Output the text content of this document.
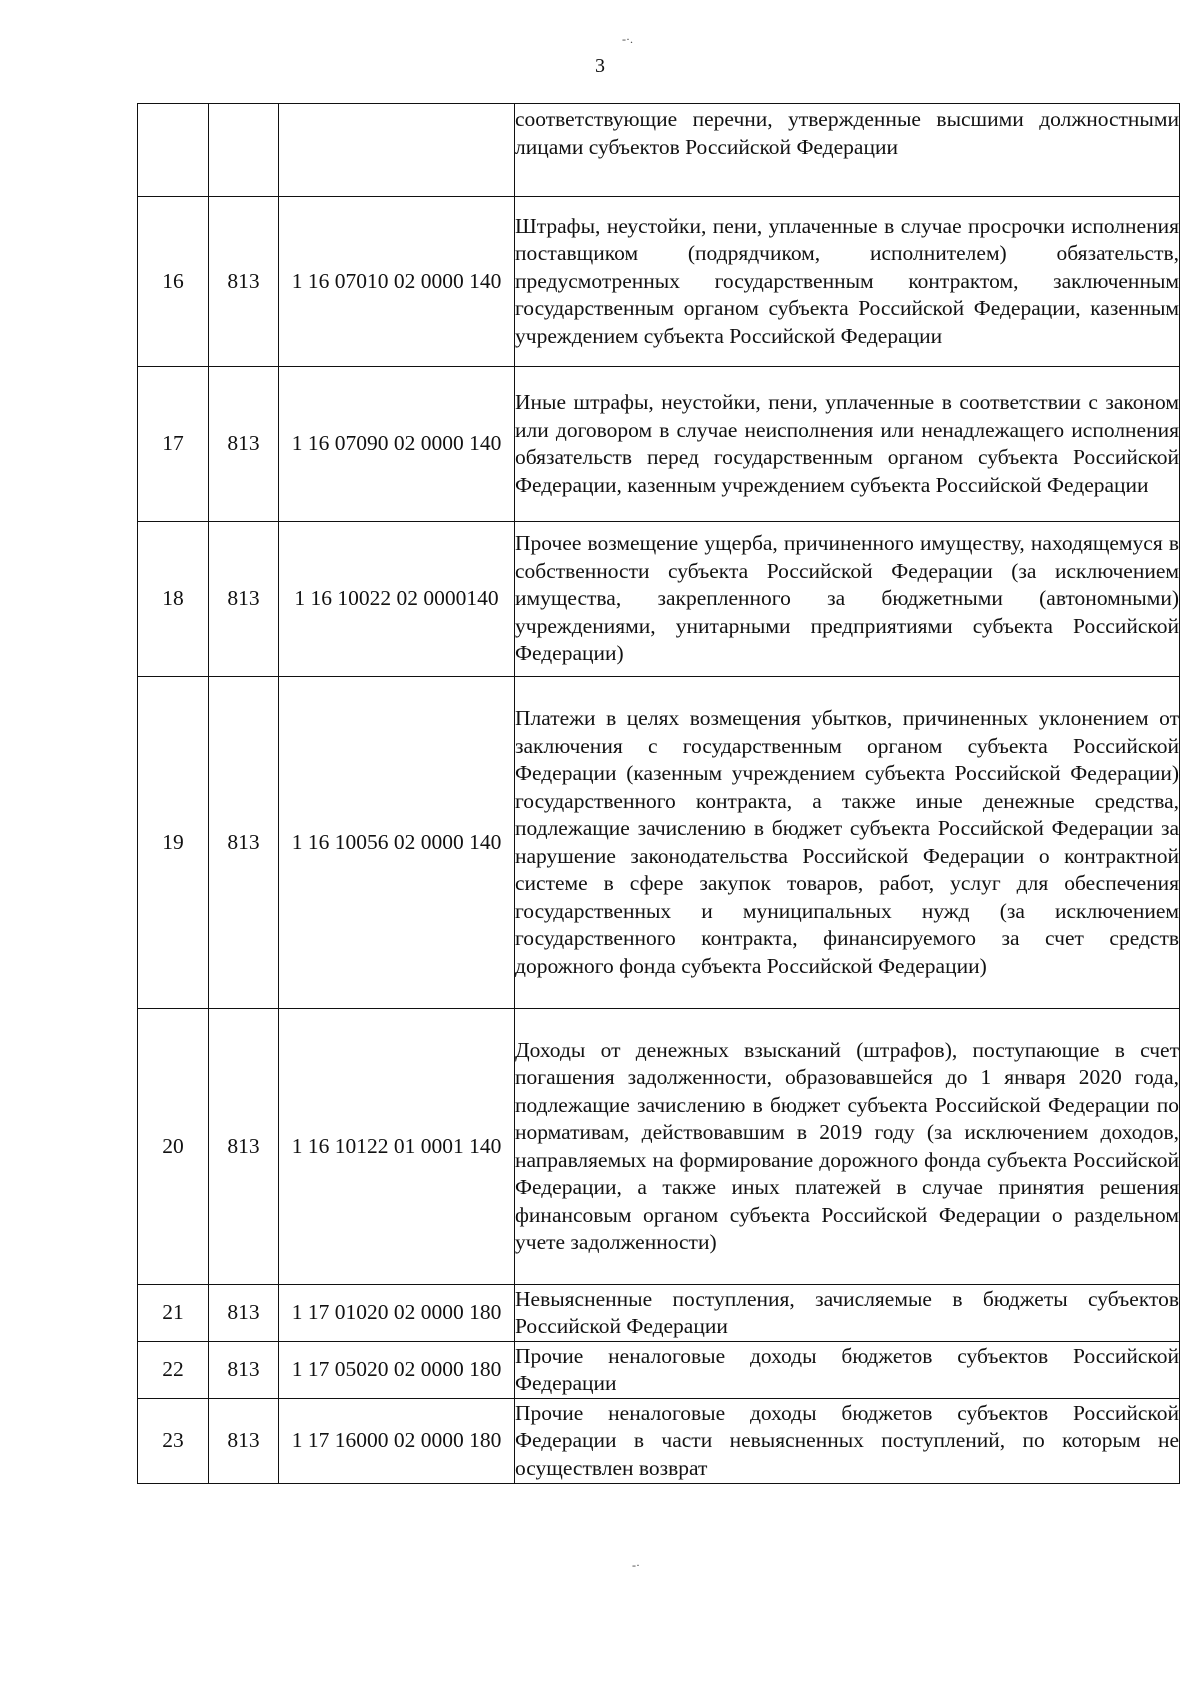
-·.
3

			соответствующие перечни, утвержденные высшими должностными лицами субъектов Российской Федерации

16	813	1 16 07010 02 0000 140	Штрафы, неустойки, пени, уплаченные в случае просрочки исполнения поставщиком (подрядчиком, исполнителем) обязательств, предусмотренных государственным контрактом, заключенным государственным органом субъекта Российской Федерации, казенным учреждением субъекта Российской Федерации

17	813	1 16 07090 02 0000 140	Иные штрафы, неустойки, пени, уплаченные в соответствии с законом или договором в случае неисполнения или ненадлежащего исполнения обязательств перед государственным органом субъекта Российской Федерации, казенным учреждением субъекта Российской Федерации

18	813	1 16 10022 02 0000140	Прочее возмещение ущерба, причиненного имуществу, находящемуся в собственности субъекта Российской Федерации (за исключением имущества, закрепленного за бюджетными (автономными) учреждениями, унитарными предприятиями субъекта Российской Федерации)

19	813	1 16 10056 02 0000 140	Платежи в целях возмещения убытков, причиненных уклонением от заключения с государственным органом субъекта Российской Федерации (казенным учреждением субъекта Российской Федерации) государственного контракта, а также иные денежные средства, подлежащие зачислению в бюджет субъекта Российской Федерации за нарушение законодательства Российской Федерации о контрактной системе в сфере закупок товаров, работ, услуг для обеспечения государственных и муниципальных нужд (за исключением государственного контракта, финансируемого за счет средств дорожного фонда субъекта Российской Федерации)

20	813	1 16 10122 01 0001 140	Доходы от денежных взысканий (штрафов), поступающие в счет погашения задолженности, образовавшейся до 1 января 2020 года, подлежащие зачислению в бюджет субъекта Российской Федерации по нормативам, действовавшим в 2019 году (за исключением доходов, направляемых на формирование дорожного фонда субъекта Российской Федерации, а также иных платежей в случае принятия решения финансовым органом субъекта Российской Федерации о раздельном учете задолженности)

21	813	1 17 01020 02 0000 180	Невыясненные поступления, зачисляемые в бюджеты субъектов Российской Федерации

22	813	1 17 05020 02 0000 180	Прочие неналоговые доходы бюджетов субъектов Российской Федерации

23	813	1 17 16000 02 0000 180	Прочие неналоговые доходы бюджетов субъектов Российской Федерации в части невыясненных поступлений, по которым не осуществлен возврат
-·
